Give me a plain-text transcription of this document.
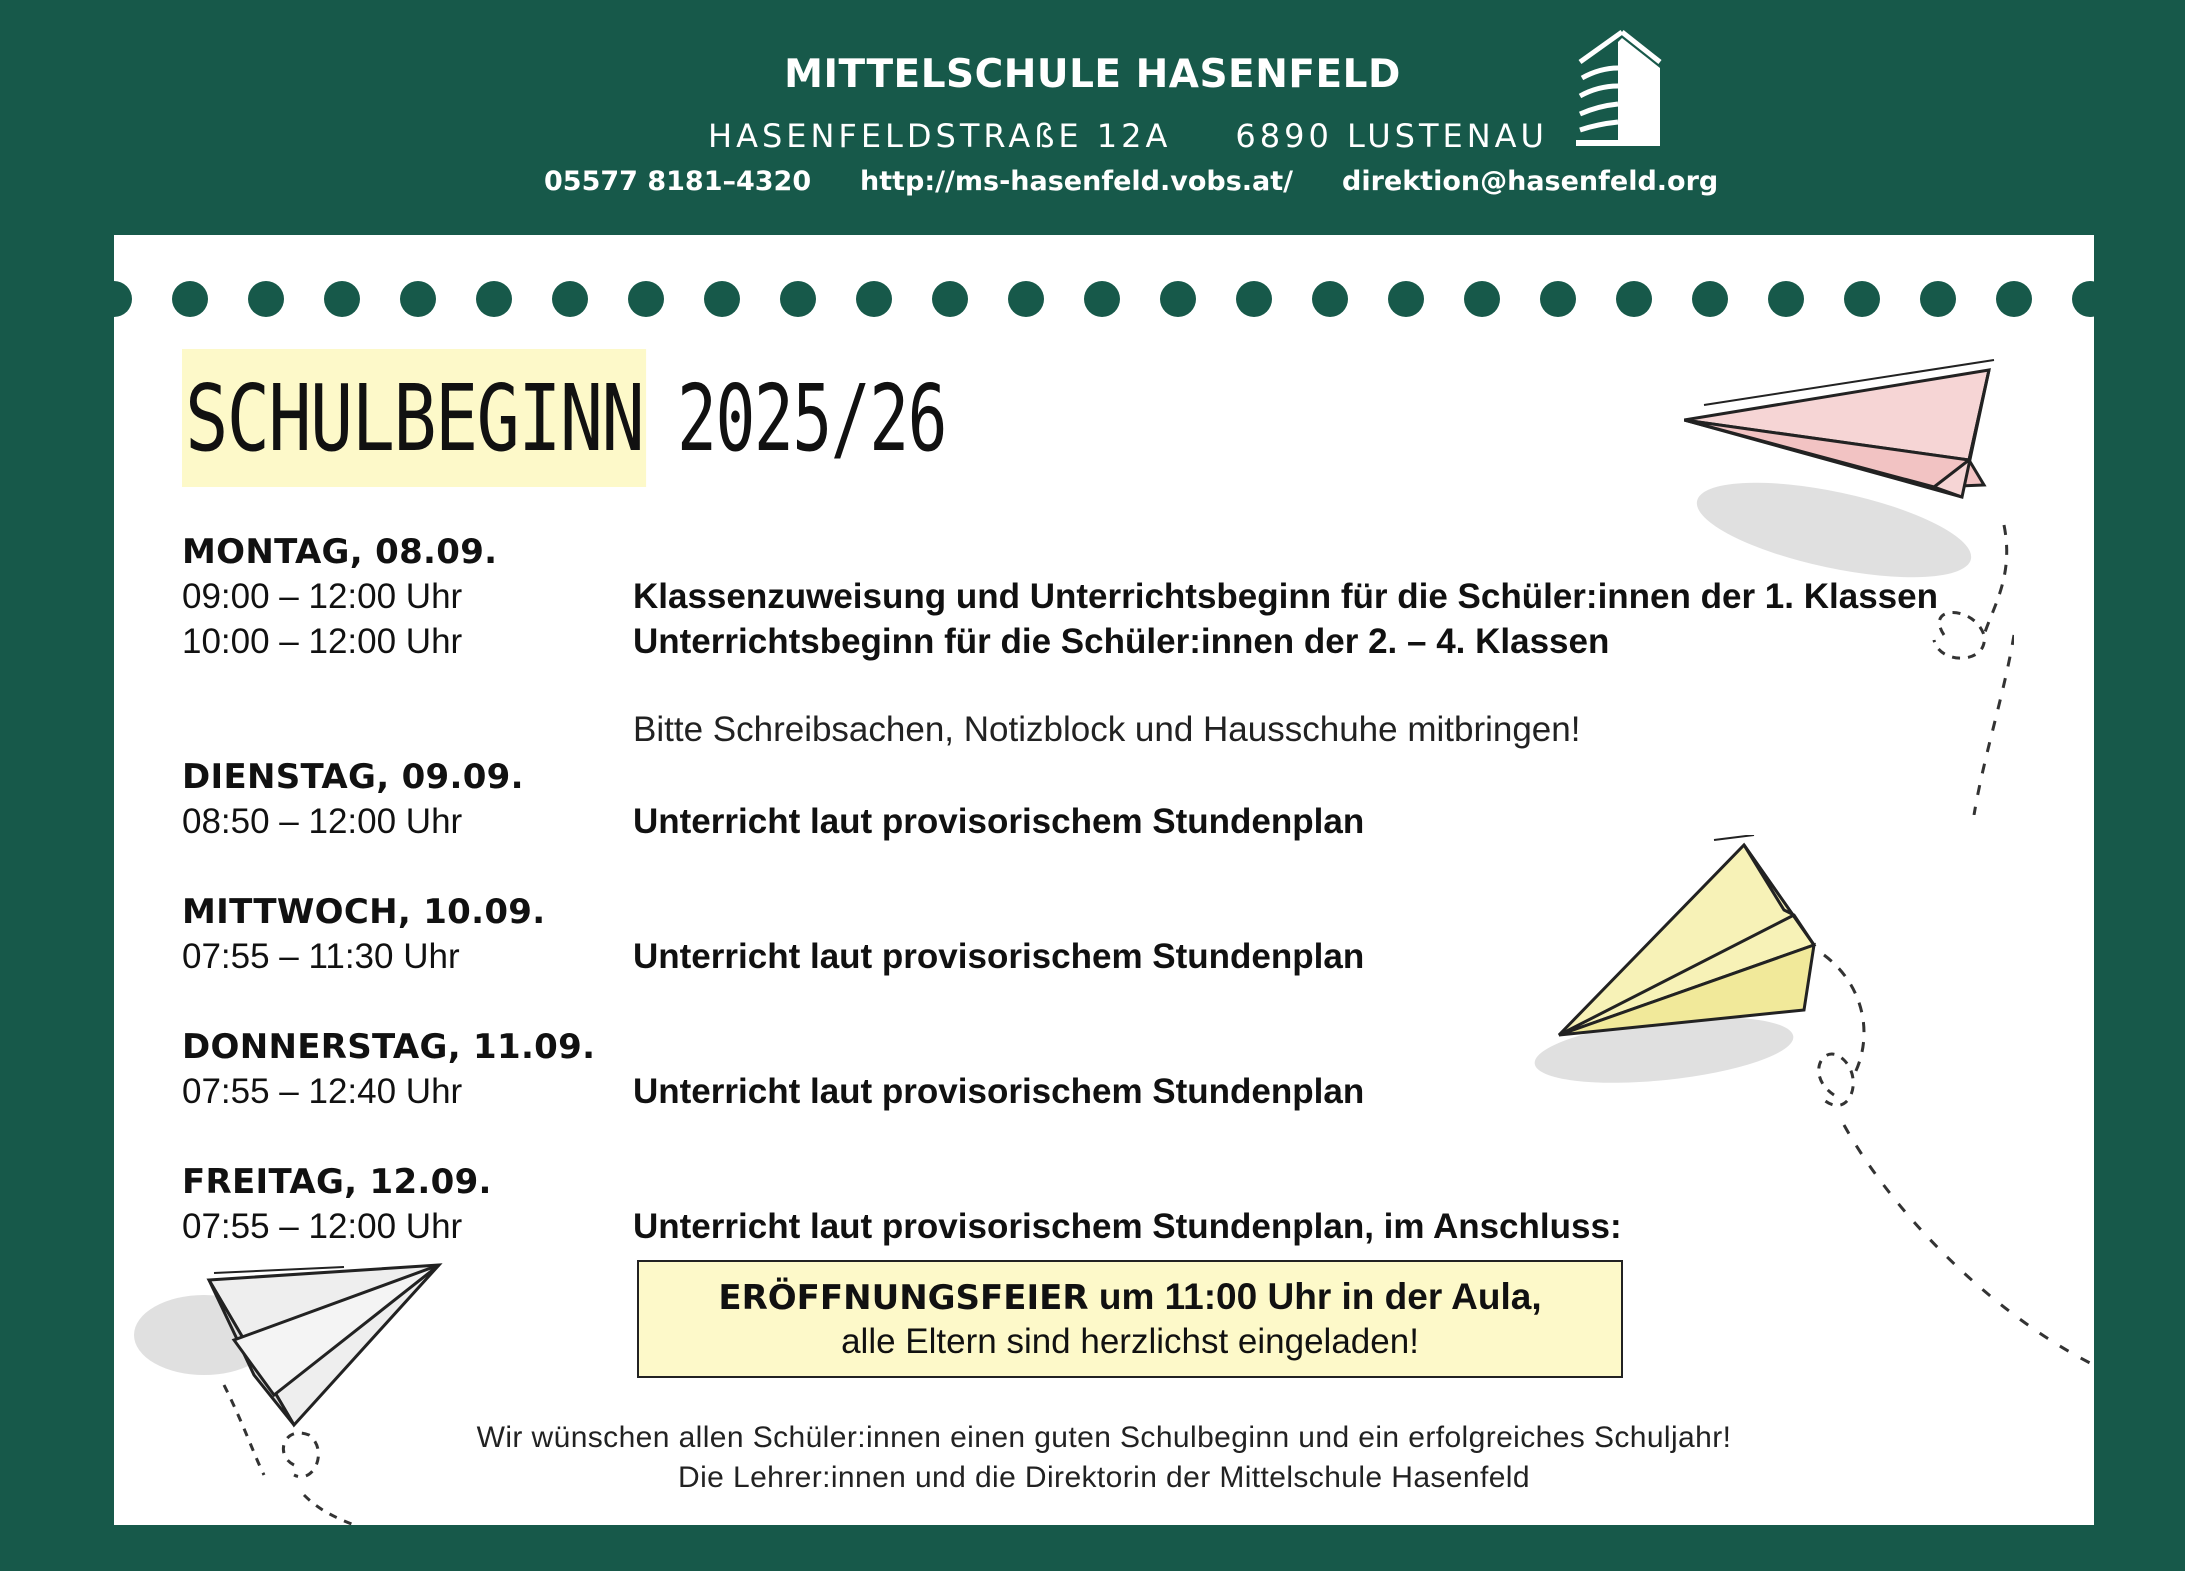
MITTELSCHULE HASENFELD
HASENFELDSTRAßE 12A 6890 LUSTENAU
05577 8181–4320 http://ms-hasenfeld.vobs.at/ direktion@hasenfeld.org
SCHULBEGINN 2025/26
MONTAG, 08.09.
09:00 – 12:00 Uhr	Klassenzuweisung und Unterrichtsbeginn für die Schüler:innen der 1. Klassen
10:00 – 12:00 Uhr	Unterrichtsbeginn für die Schüler:innen der 2. – 4. Klassen
Bitte Schreibsachen, Notizblock und Hausschuhe mitbringen!
DIENSTAG, 09.09.
08:50 – 12:00 Uhr	Unterricht laut provisorischem Stundenplan
MITTWOCH, 10.09.
07:55 – 11:30 Uhr	Unterricht laut provisorischem Stundenplan
DONNERSTAG, 11.09.
07:55 – 12:40 Uhr	Unterricht laut provisorischem Stundenplan
FREITAG, 12.09.
07:55 – 12:00 Uhr	Unterricht laut provisorischem Stundenplan, im Anschluss:
ERÖFFNUNGSFEIER um 11:00 Uhr in der Aula,
alle Eltern sind herzlichst eingeladen!
Wir wünschen allen Schüler:innen einen guten Schulbeginn und ein erfolgreiches Schuljahr!
Die Lehrer:innen und die Direktorin der Mittelschule Hasenfeld
